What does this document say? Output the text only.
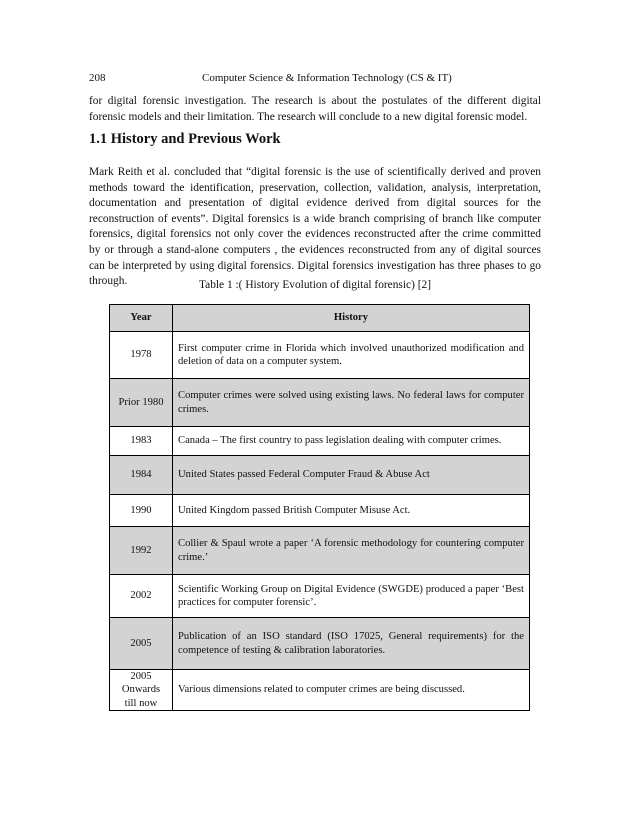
208	Computer Science & Information Technology (CS & IT)

for digital forensic investigation. The research is about the postulates of the different digital forensic models and their limitation. The research will conclude to a new digital forensic model.

1.1 History and Previous Work

Mark Reith et al. concluded that “digital forensic is the use of scientifically derived and proven methods toward the identification, preservation, collection, validation, analysis, interpretation, documentation and presentation of digital evidence derived from digital sources for the reconstruction of events”. Digital forensics is a wide branch comprising of branch like computer forensics, digital forensics not only cover the evidences reconstructed after the crime committed by or through a stand-alone computers , the evidences reconstructed from any of digital sources can be interpreted by using digital forensics. Digital forensics investigation has three phases to go through.	Table 1 :( History Evolution of digital forensic) [2]
Year	History
1978	First computer crime in Florida which involved unauthorized modification and deletion of data on a computer system.
Prior 1980	Computer crimes were solved using existing laws. No federal laws for computer crimes.
1983	Canada – The first country to pass legislation dealing with computer crimes.
1984	United States passed Federal Computer Fraud & Abuse Act
1990	United Kingdom passed British Computer Misuse Act.
1992	Collier & Spaul wrote a paper ‘A forensic methodology for countering computer crime.’
2002	Scientific Working Group on Digital Evidence (SWGDE) produced a paper ‘Best practices for computer forensic’.
2005	Publication of an ISO standard (ISO 17025, General requirements) for the competence of testing & calibration laboratories.
2005 Onwards till now	Various dimensions related to computer crimes are being discussed.
